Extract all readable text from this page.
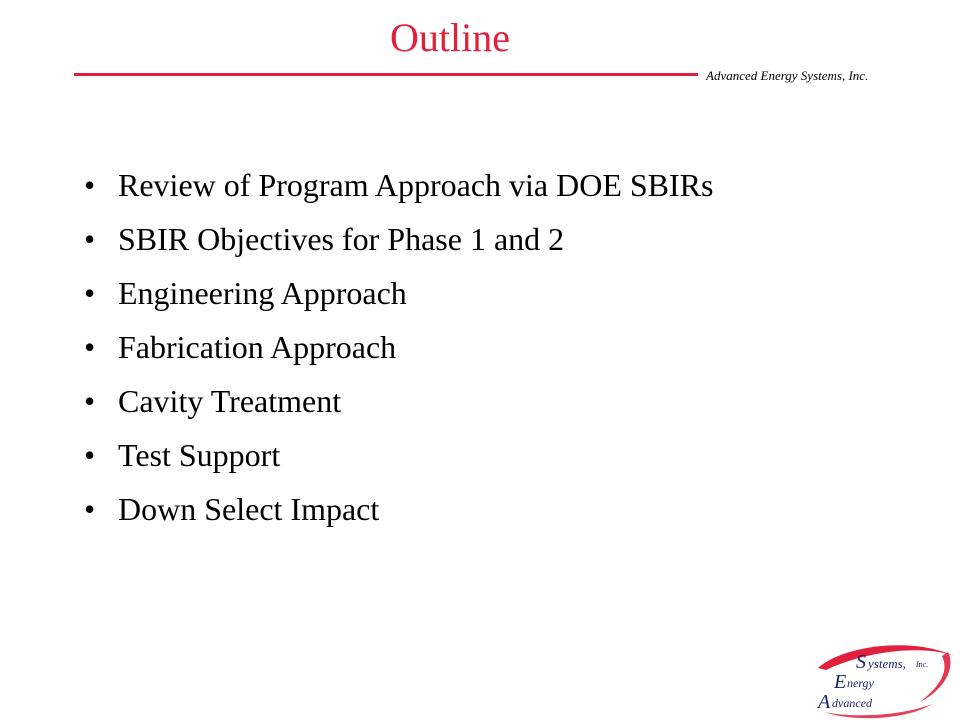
Outline
Advanced Energy Systems, Inc.
• Review of Program Approach via DOE SBIRs
• SBIR Objectives for Phase 1 and 2
• Engineering Approach
• Fabrication Approach
• Cavity Treatment
• Test Support
• Down Select Impact
S ystems, Inc.
E nergy
A dvanced
